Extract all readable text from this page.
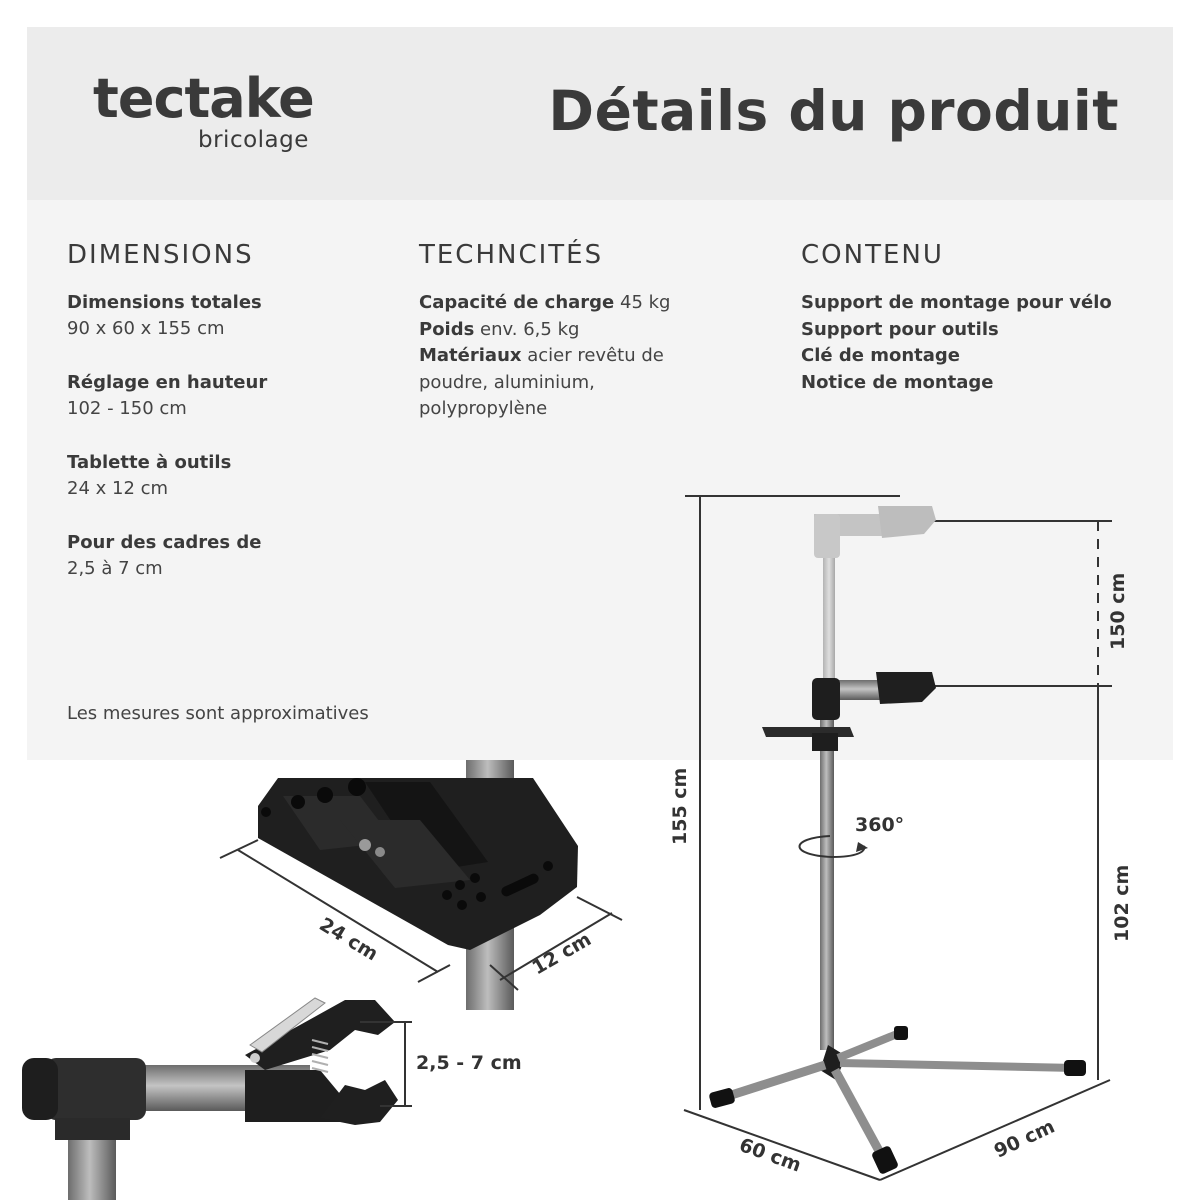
tectake
bricolage	Détails du produit
DIMENSIONS
Dimensions totales
90 x 60 x 155 cm
Réglage en hauteur
102 - 150 cm
Tablette à outils
24 x 12 cm
Pour des cadres de
2,5 à 7 cm
TECHNCITÉS
Capacité de charge 45 kg
Poids env. 6,5 kg
Matériaux acier revêtu de
poudre, aluminium,
polypropylène
CONTENU
Support de montage pour vélo
Support pour outils
Clé de montage
Notice de montage
Les mesures sont approximatives
24 cm	12 cm
2,5 - 7 cm
360°
155 cm
150 cm
102 cm
60 cm	90 cm
